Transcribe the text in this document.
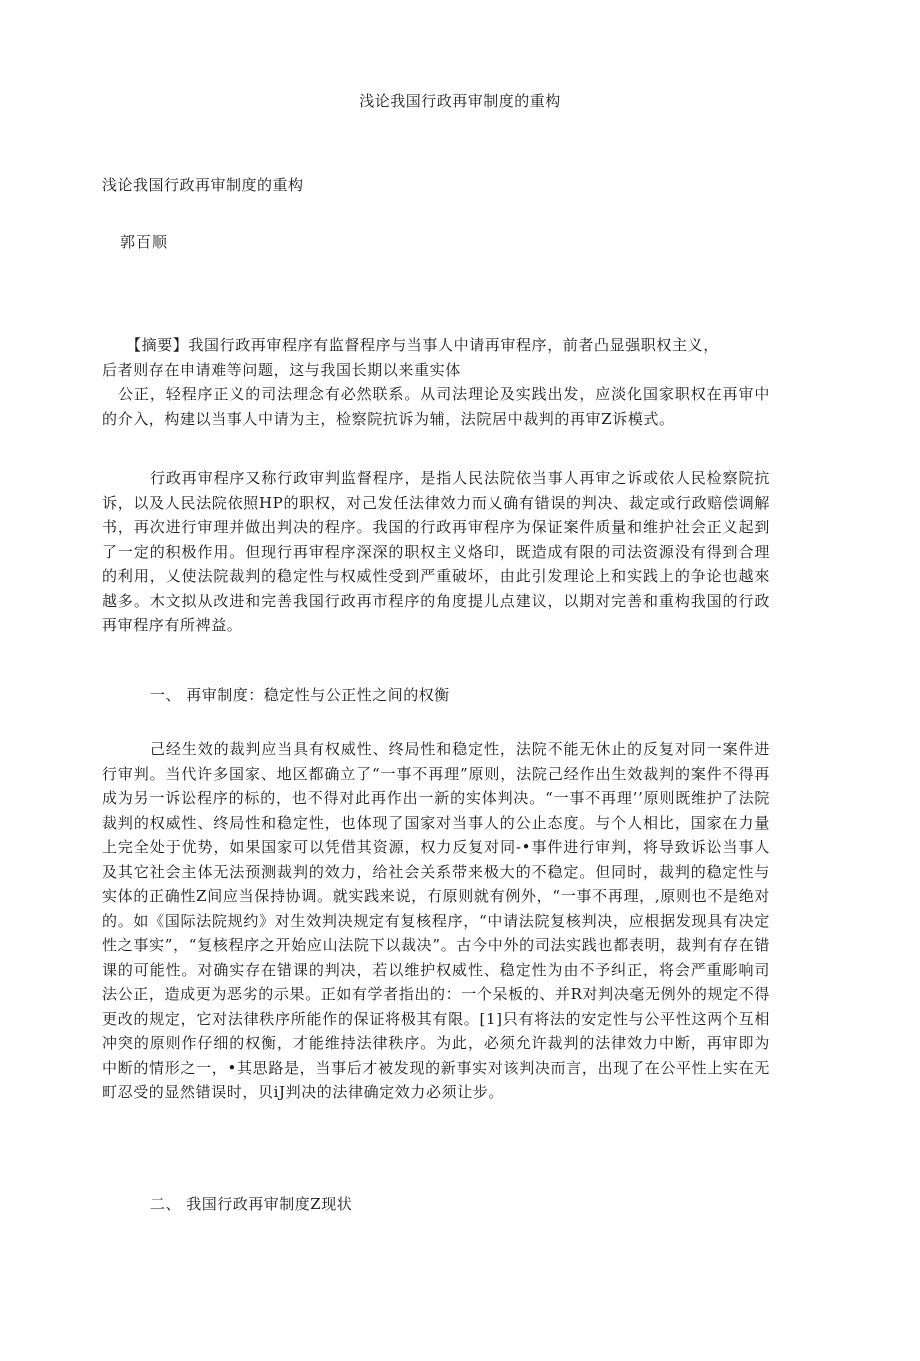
浅论我国行政再审制度的重构
浅论我国行政再审制度的重构
郭百顺

【摘要】我国行政再审程序有监督程序与当事人中请再审程序，前者凸显强职权主义，

后者则存在申请难等问题，这与我国长期以来重实体

公正，轻程序正义的司法理念有必然联系。从司法理论及实践出发，应淡化国家职权在再审中的介入，构建以当事人中请为主，检察院抗诉为辅，法院居中裁判的再审Z诉模式。

行政再审程序又称行政审判监督程序，是指人民法院依当事人再审之诉或依人民检察院抗诉，以及人民法院依照HP的职权，对己发任法律效力而乂确有错误的判决、裁定或行政赔偿调解书，再次进行审理并做出判决的程序。我国的行政再审程序为保证案件质量和维护社会正义起到了一定的积极作用。但现行再审程序深深的职权主义烙印，既造成有限的司法资源没有得到合理的利用，乂使法院裁判的稳定性与权威性受到严重破坏，由此引发理论上和实践上的争论也越來越多。木文拟从改进和完善我国行政再市程序的角度提儿点建议，以期对完善和重构我国的行政再审程序有所裨益。

一、 再审制度：稳定性与公正性之间的权衡

己经生效的裁判应当具有权威性、终局性和稳定性，法院不能无休止的反复对同一案件进行审判。当代许多国家、地区都确立了“一事不再理”原则，法院己经作出生效裁判的案件不得再成为另一诉讼程序的标的，也不得对此再作出一新的实体判决。“一事不再理’’原则既维护了法院裁判的权威性、终局性和稳定性，也体现了国家对当事人的公止态度。与个人相比，国家在力量上完全处于优势，如果国家可以凭借其资源，权力反复对同-•事件进行审判，将导致诉讼当事人及其它社会主体无法预测裁判的效力，给社会关系带来极大的不稳定。但同时，裁判的稳定性与实体的正确性Z间应当保持协调。就实践来说，冇原则就有例外，“一事不再理，,原则也不是绝对的。如《国际法院规约》对生效判决规定有复核程序，“中请法院复核判决，应根据发现具有决定性之事实”，“复核程序之开始应山法院下以裁决”。古今中外的司法实践也都表明，裁判有存在错课的可能性。对确实存在错课的判决，若以维护权威性、稳定性为由不予纠正，将会严重彫响司法公正，造成更为恶劣的示果。正如有学者指出的：一个呆板的、并R对判决毫无例外的规定不得更改的规定，它对法律秩序所能作的保证将极其有限。[1]只有将法的安定性与公平性这两个互相冲突的原则作仔细的权衡，才能维持法律秩序。为此，必须允许裁判的法律效力中断，再审即为中断的情形之一，•其思路是，当事后才被发现的新事实对该判决而言，出现了在公平性上实在无町忍受的显然错误时，贝iJ判决的法律确定效力必须让步。

二、 我国行政再审制度Z现状
